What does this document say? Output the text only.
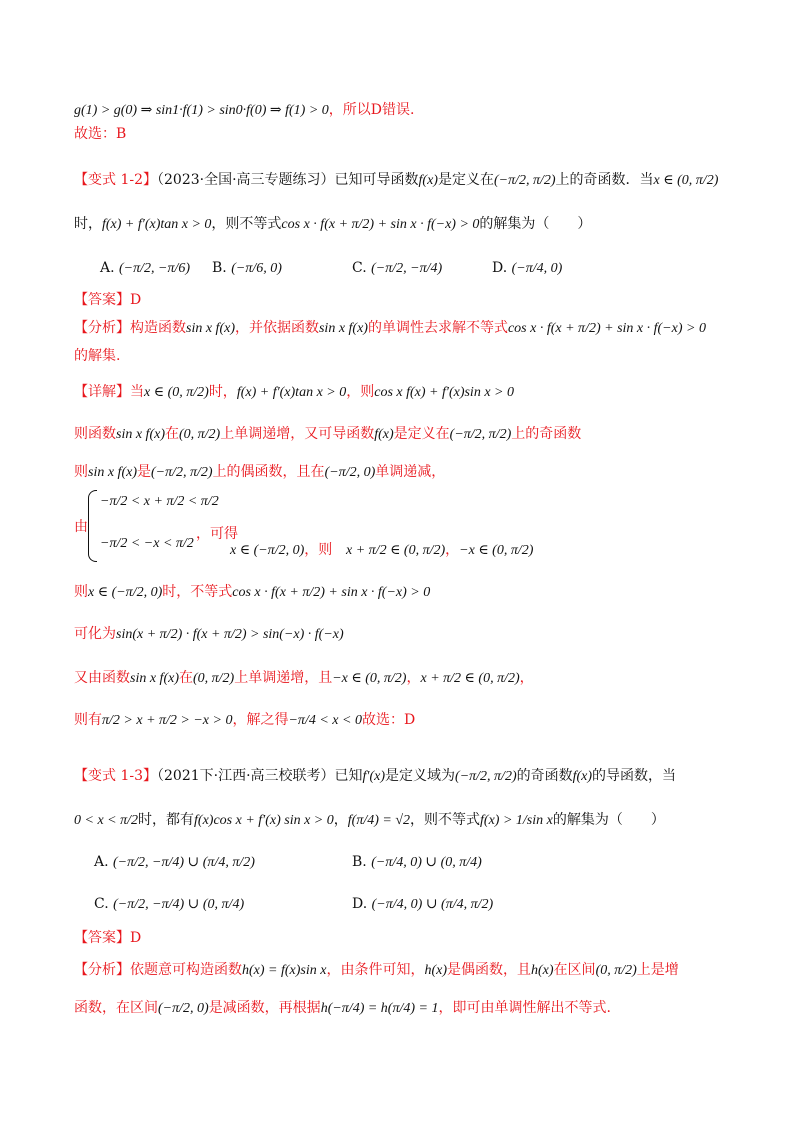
g(1) > g(0) ⇒ sin1·f(1) > sin0·f(0) ⇒ f(1) > 0，所以D错误.
故选：B
【变式 1-2】（2023·全国·高三专题练习）已知可导函数f(x)是定义在(−π/2, π/2)上的奇函数．当x ∈ (0, π/2)
时，f(x) + f′(x)tan x > 0，则不等式cos x · f(x + π/2) + sin x · f(−x) > 0的解集为（　　）
A. (−π/2, −π/6) B. (−π/6, 0)	C. (−π/2, −π/4)	D. (−π/4, 0)
【答案】D
【分析】构造函数sin x f(x)，并依据函数sin x f(x)的单调性去求解不等式cos x · f(x + π/2) + sin x · f(−x) > 0
的解集.
【详解】当x ∈ (0, π/2)时，f(x) + f′(x)tan x > 0，则cos x f(x) + f′(x)sin x > 0
则函数sin x f(x)在(0, π/2)上单调递增，又可导函数f(x)是定义在(−π/2, π/2)上的奇函数
则sin x f(x)是(−π/2, π/2)上的偶函数，且在(−π/2, 0)单调递减，
由
−π/2 < x + π/2 < π/2
−π/2 < −x < π/2
，可得
x ∈ (−π/2, 0)，则 x + π/2 ∈ (0, π/2)，−x ∈ (0, π/2)
则x ∈ (−π/2, 0)时，不等式cos x · f(x + π/2) + sin x · f(−x) > 0
可化为sin(x + π/2) · f(x + π/2) > sin(−x) · f(−x)
又由函数sin x f(x)在(0, π/2)上单调递增，且−x ∈ (0, π/2)，x + π/2 ∈ (0, π/2)，
则有π/2 > x + π/2 > −x > 0，解之得−π/4 < x < 0故选：D
【变式 1-3】（2021下·江西·高三校联考）已知f′(x)是定义域为(−π/2, π/2)的奇函数f(x)的导函数，当
0 < x < π/2时，都有f(x)cos x + f′(x) sin x > 0，f(π/4) = √2，则不等式f(x) > 1/sin x的解集为（　　）
A. (−π/2, −π/4) ∪ (π/4, π/2)	B. (−π/4, 0) ∪ (0, π/4)
C. (−π/2, −π/4) ∪ (0, π/4)	D. (−π/4, 0) ∪ (π/4, π/2)
【答案】D
【分析】依题意可构造函数h(x) = f(x)sin x，由条件可知，h(x)是偶函数，且h(x)在区间(0, π/2)上是增
函数，在区间(−π/2, 0)是减函数，再根据h(−π/4) = h(π/4) = 1，即可由单调性解出不等式.
